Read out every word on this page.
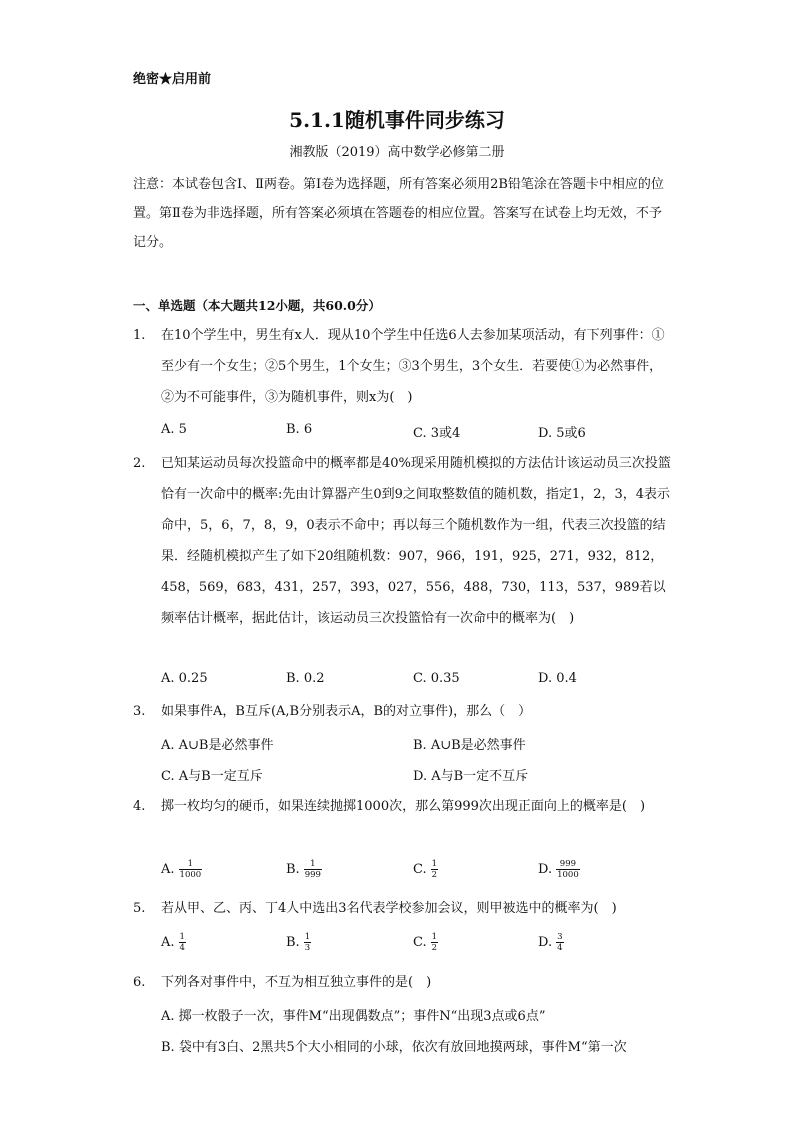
绝密★启用前
5.1.1随机事件同步练习
湘教版（2019）高中数学必修第二册
注意：本试卷包含Ⅰ、Ⅱ两卷。第Ⅰ卷为选择题，所有答案必须用2B铅笔涂在答题卡中相应的位置。第Ⅱ卷为非选择题，所有答案必须填在答题卷的相应位置。答案写在试卷上均无效，不予记分。
一、单选题（本大题共12小题，共60.0分）
1. 在10个学生中，男生有x人．现从10个学生中任选6人去参加某项活动，有下列事件：①至少有一个女生；②5个男生，1个女生；③3个男生，3个女生．若要使①为必然事件，②为不可能事件，③为随机事件，则x为(　)
A. 5	B. 6	C. 3或4	D. 5或6
2. 已知某运动员每次投篮命中的概率都是40%现采用随机模拟的方法估计该运动员三次投篮恰有一次命中的概率:先由计算器产生0到9之间取整数值的随机数，指定1，2，3，4表示命中，5，6，7，8，9，0表示不命中；再以每三个随机数作为一组，代表三次投篮的结果．经随机模拟产生了如下20组随机数：907，966，191，925，271，932，812，458，569，683，431，257，393，027，556，488，730，113，537，989若以频率估计概率，据此估计，该运动员三次投篮恰有一次命中的概率为(　)
A. 0.25	B. 0.2	C. 0.35	D. 0.4
3. 如果事件A，B互斥(A,B分别表示A，B的对立事件)，那么（　）
A. A∪B是必然事件	B. A∪B是必然事件
C. A与B一定互斥	D. A与B一定不互斥
4. 掷一枚均匀的硬币，如果连续抛掷1000次，那么第999次出现正面向上的概率是(　)
A. $\frac{1}{1000}$	B. $\frac{1}{999}$	C. $\frac{1}{2}$	D. $\frac{999}{1000}$
5. 若从甲、乙、丙、丁4人中选出3名代表学校参加会议，则甲被选中的概率为(　)
A. $\frac{1}{4}$	B. $\frac{1}{3}$	C. $\frac{1}{2}$	D. $\frac{3}{4}$
6. 下列各对事件中，不互为相互独立事件的是(　)
A. 掷一枚骰子一次，事件M“出现偶数点”；事件N“出现3点或6点”
B. 袋中有3白、2黑共5个大小相同的小球，依次有放回地摸两球，事件M“第一次
